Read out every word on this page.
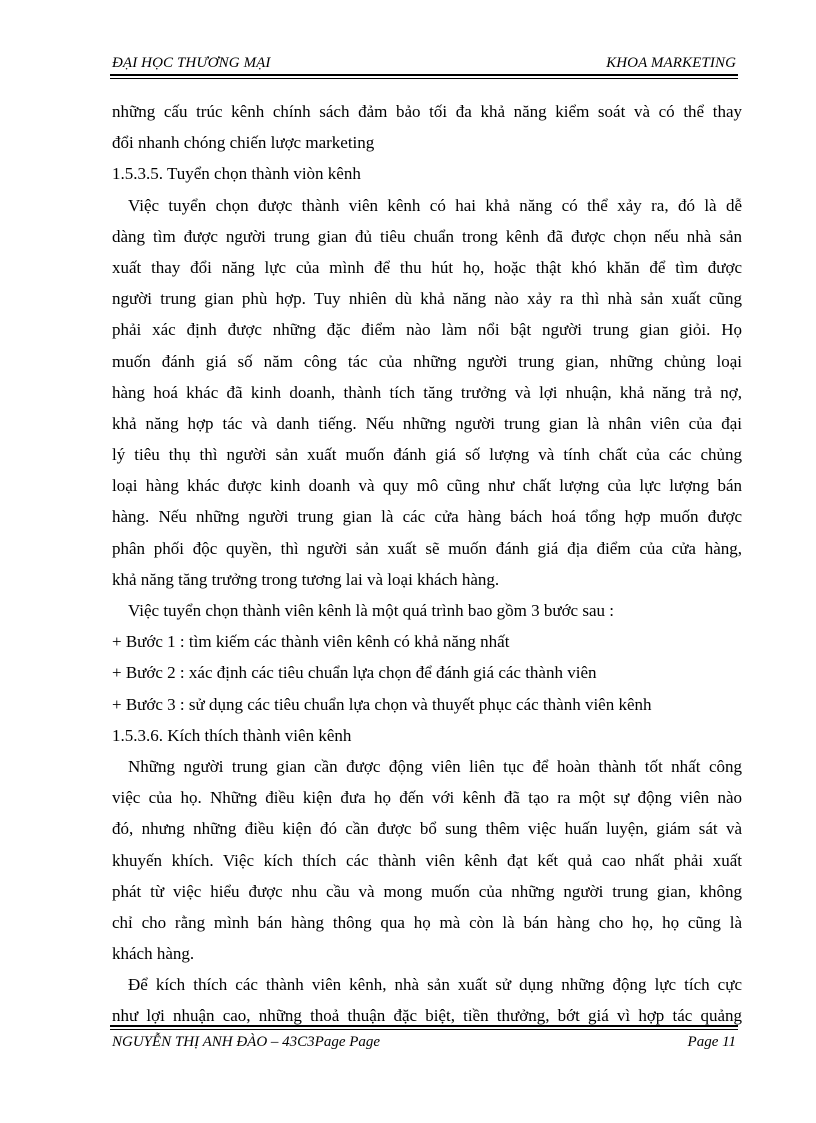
ĐẠI HỌC THƯƠNG MẠI	KHOA MARKETING
những cấu trúc kênh chính sách đảm bảo tối đa khả năng kiểm soát và có thể thay
đổi nhanh chóng chiến lược marketing
1.5.3.5. Tuyển chọn thành viòn kênh
Việc tuyển chọn được thành viên kênh có hai khả năng có thể xảy ra, đó là dễ
dàng tìm được người trung gian đủ tiêu chuẩn trong kênh đã được chọn nếu nhà sản
xuất thay đổi năng lực của mình để thu hút họ, hoặc thật khó khăn để tìm được
người trung gian phù hợp. Tuy nhiên dù khả năng nào xảy ra thì nhà sản xuất cũng
phải xác định được những đặc điểm nào làm nổi bật người trung gian giỏi. Họ
muốn đánh giá số năm công tác của những người trung gian, những chủng loại
hàng hoá khác đã kinh doanh, thành tích tăng trưởng và lợi nhuận, khả năng trả nợ,
khả năng hợp tác và danh tiếng. Nếu những người trung gian là nhân viên của đại
lý tiêu thụ thì người sản xuất muốn đánh giá số lượng và tính chất của các chủng
loại hàng khác được kinh doanh và quy mô cũng như chất lượng của lực lượng bán
hàng. Nếu những người trung gian là các cửa hàng bách hoá tổng hợp muốn được
phân phối độc quyền, thì người sản xuất sẽ muốn đánh giá địa điểm của cửa hàng,
khả năng tăng trưởng trong tương lai và loại khách hàng.
Việc tuyển chọn thành viên kênh là một quá trình bao gồm 3 bước sau :
+ Bước 1 : tìm kiếm các thành viên kênh có khả năng nhất
+ Bước 2 : xác định các tiêu chuẩn lựa chọn để đánh giá các thành viên
+ Bước 3 : sử dụng các tiêu chuẩn lựa chọn và thuyết phục các thành viên kênh
1.5.3.6. Kích thích thành viên kênh
Những người trung gian cần được động viên liên tục để hoàn thành tốt nhất công
việc của họ. Những điều kiện đưa họ đến với kênh đã tạo ra một sự động viên nào
đó, nhưng những điều kiện đó cần được bổ sung thêm việc huấn luyện, giám sát và
khuyến khích. Việc kích thích các thành viên kênh đạt kết quả cao nhất phải xuất
phát từ việc hiểu được nhu cầu và mong muốn của những người trung gian, không
chỉ cho rằng mình bán hàng thông qua họ mà còn là bán hàng cho họ, họ cũng là
khách hàng.
Để kích thích các thành viên kênh, nhà sản xuất sử dụng những động lực tích cực
như lợi nhuận cao, những thoả thuận đặc biệt, tiền thưởng, bớt giá vì hợp tác quảng
NGUYỄN THỊ ANH ĐÀO – 43C3Page Page	Page 11
